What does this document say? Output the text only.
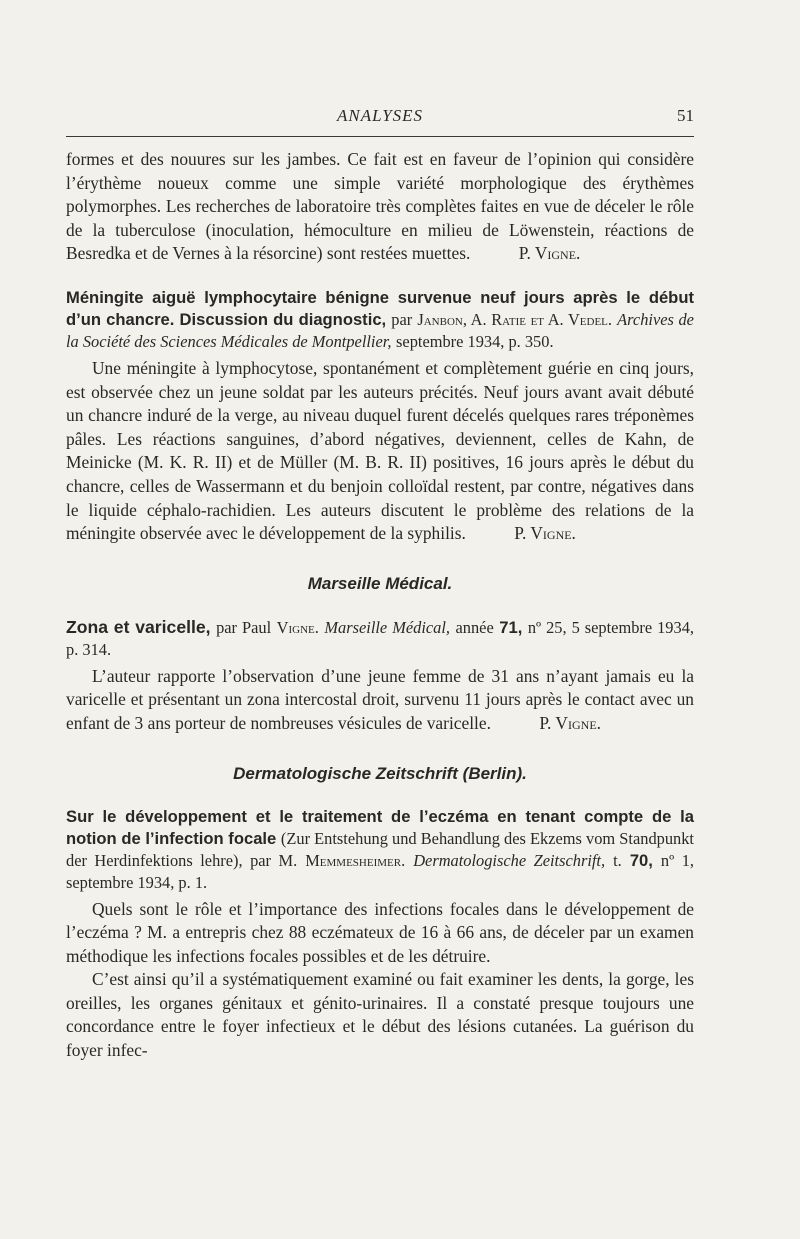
ANALYSES	51

formes et des nouures sur les jambes. Ce fait est en faveur de l’opinion qui considère l’érythème noueux comme une simple variété morphologique des érythèmes polymorphes. Les recherches de laboratoire très complètes faites en vue de déceler le rôle de la tuberculose (inoculation, hémoculture en milieu de Löwenstein, réactions de Besredka et de Vernes à la résorcine) sont restées muettes.	P. Vigne.

Méningite aiguë lymphocytaire bénigne survenue neuf jours après le début d’un chancre. Discussion du diagnostic, par Janbon, A. Ratie et A. Vedel. Archives de la Société des Sciences Médicales de Montpellier, septembre 1934, p. 350.

Une méningite à lymphocytose, spontanément et complètement guérie en cinq jours, est observée chez un jeune soldat par les auteurs précités. Neuf jours avant avait débuté un chancre induré de la verge, au niveau duquel furent décelés quelques rares tréponèmes pâles. Les réactions sanguines, d’abord négatives, deviennent, celles de Kahn, de Meinicke (M. K. R. II) et de Müller (M. B. R. II) positives, 16 jours après le début du chancre, celles de Wassermann et du benjoin colloïdal restent, par contre, négatives dans le liquide céphalo-rachidien. Les auteurs discutent le problème des relations de la méningite observée avec le développement de la syphilis.	P. Vigne.

Marseille Médical.

Zona et varicelle, par Paul Vigne. Marseille Médical, année 71, nº 25, 5 septembre 1934, p. 314.

L’auteur rapporte l’observation d’une jeune femme de 31 ans n’ayant jamais eu la varicelle et présentant un zona intercostal droit, survenu 11 jours après le contact avec un enfant de 3 ans porteur de nombreuses vésicules de varicelle.	P. Vigne.

Dermatologische Zeitschrift (Berlin).

Sur le développement et le traitement de l’eczéma en tenant compte de la notion de l’infection focale (Zur Entstehung und Behandlung des Ekzems vom Standpunkt der Herdinfektions lehre), par M. Memmesheimer. Dermatologische Zeitschrift, t. 70, nº 1, septembre 1934, p. 1.

Quels sont le rôle et l’importance des infections focales dans le développement de l’eczéma ? M. a entrepris chez 88 eczémateux de 16 à 66 ans, de déceler par un examen méthodique les infections focales possibles et de les détruire.

C’est ainsi qu’il a systématiquement examiné ou fait examiner les dents, la gorge, les oreilles, les organes génitaux et génito-urinaires. Il a constaté presque toujours une concordance entre le foyer infectieux et le début des lésions cutanées. La guérison du foyer infec-
